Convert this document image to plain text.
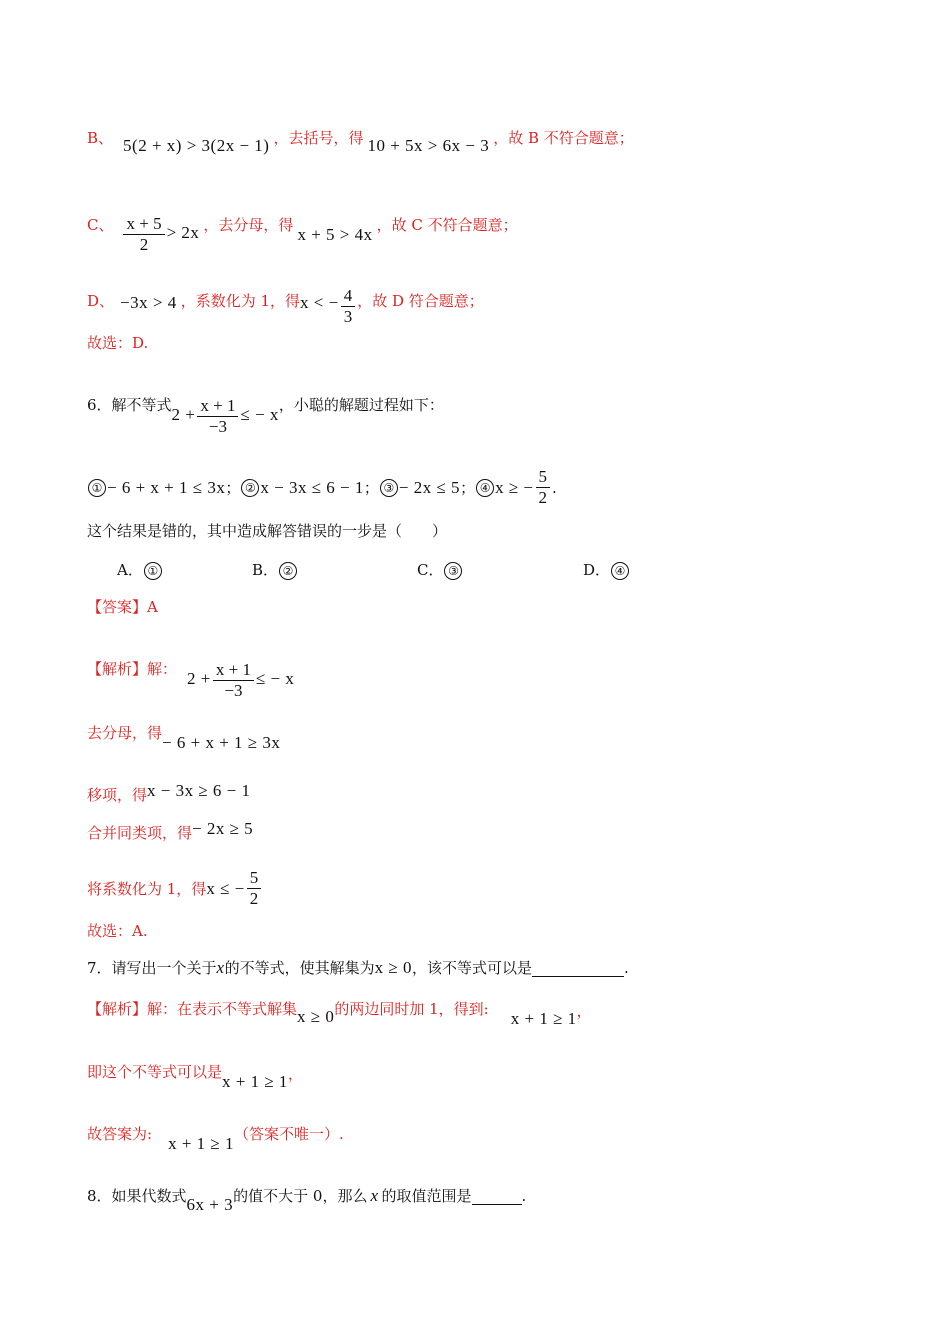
B、 5(2 + x) > 3(2x − 1) ，去括号，得 10 + 5x > 6x − 3 ，故 B 不符合题意；
C、 $\frac{x + 5}{2} > 2x$ ，去分母，得 x + 5 > 4x ，故 C 不符合题意；
D、 −3x > 4 ，系数化为 1，得 x < − $\frac{4}{3}$ ，故 D 符合题意；
故选：D.
6．解不等式 $2 + \frac{x + 1}{-3}$ ≤ − x ，小聪的解题过程如下：
① − 6 + x + 1 ≤ 3x ； ② x − 3x ≤ 6 − 1 ； ③ − 2x ≤ 5 ； ④ x ≥ − $\frac{5}{2}$ .
这个结果是错的，其中造成解答错误的一步是（　　）
A． ①	B． ②	C． ③	D． ④
【答案】A
【解析】解： $2 + \frac{x + 1}{-3}$ ≤ − x
去分母，得 − 6 + x + 1 ≥ 3x
移项，得 x − 3x ≥ 6 − 1
合并同类项，得 − 2x ≥ 5
将系数化为 1，得 x ≤ − $\frac{5}{2}$
故选：A.
7．请写出一个关于 x 的不等式，使其解集为 x ≥ 0 ，该不等式可以是	.
【解析】解：在表示不等式解集 x ≥ 0 的两边同时加 1，得到: x + 1 ≥ 1 ，
即这个不等式可以是 x + 1 ≥ 1 ，
故答案为: x + 1 ≥ 1 （答案不唯一）.
8．如果代数式 6x + 3 的值不大于 0，那么 x 的取值范围是	.
